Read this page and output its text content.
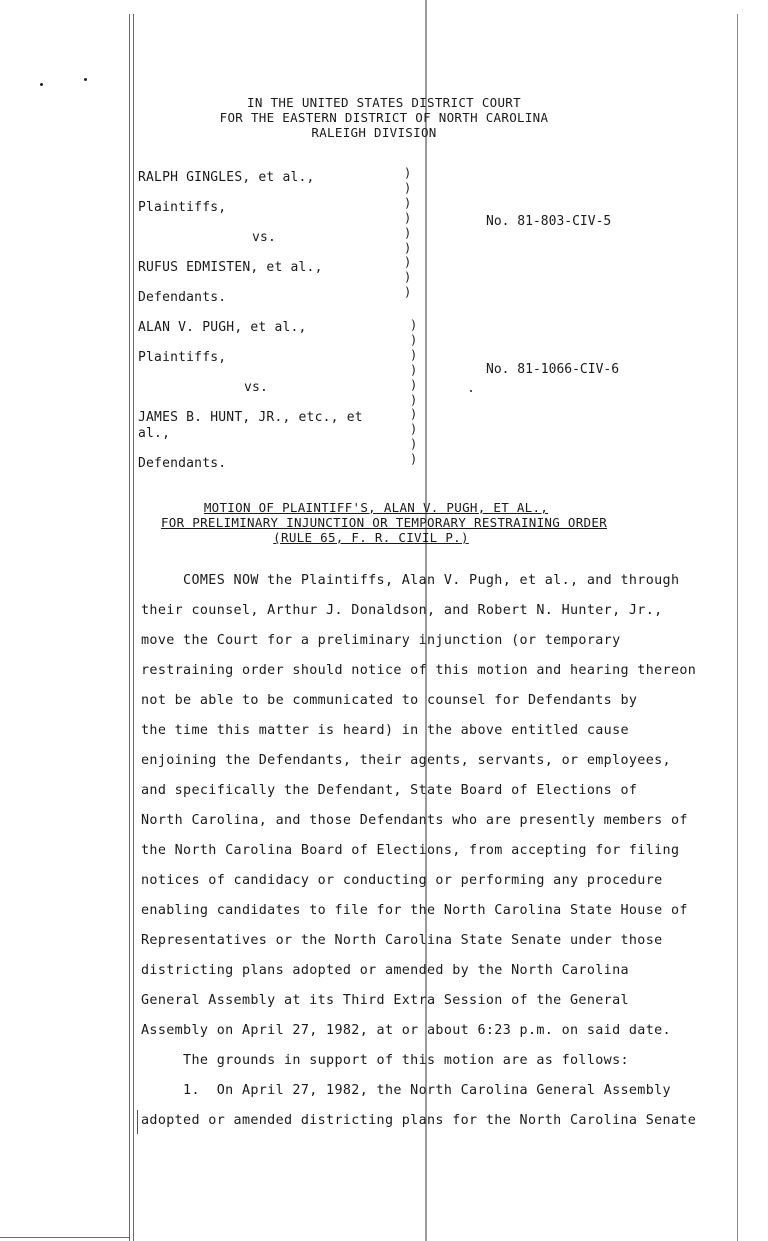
IN THE UNITED STATES DISTRICT COURT
FOR THE EASTERN DISTRICT OF NORTH CAROLINA
RALEIGH DIVISION
RALPH GINGLES, et al.,
Plaintiffs,
vs.
RUFUS EDMISTEN, et al.,
Defendants.
)
)
)
)
)
)
)
)
)
No. 81-803-CIV-5
ALAN V. PUGH, et al.,
Plaintiffs,
vs.
JAMES B. HUNT, JR., etc., et
al.,
Defendants.
)
)
)
)
)
)
)
)
)
)
No. 81-1066-CIV-6
MOTION OF PLAINTIFF'S, ALAN V. PUGH, ET AL.,
FOR PRELIMINARY INJUNCTION OR TEMPORARY RESTRAINING ORDER
(RULE 65, F. R. CIVIL P.)
COMES NOW the Plaintiffs, Alan V. Pugh, et al., and through
their counsel, Arthur J. Donaldson, and Robert N. Hunter, Jr.,
move the Court for a preliminary injunction (or temporary
restraining order should notice of this motion and hearing thereon
not be able to be communicated to counsel for Defendants by
the time this matter is heard) in the above entitled cause
enjoining the Defendants, their agents, servants, or employees,
and specifically the Defendant, State Board of Elections of
North Carolina, and those Defendants who are presently members of
the North Carolina Board of Elections, from accepting for filing
notices of candidacy or conducting or performing any procedure
enabling candidates to file for the North Carolina State House of
Representatives or the North Carolina State Senate under those
districting plans adopted or amended by the North Carolina
General Assembly at its Third Extra Session of the General
Assembly on April 27, 1982, at or about 6:23 p.m. on said date.
The grounds in support of this motion are as follows:
1.  On April 27, 1982, the North Carolina General Assembly
adopted or amended districting plans for the North Carolina Senate
